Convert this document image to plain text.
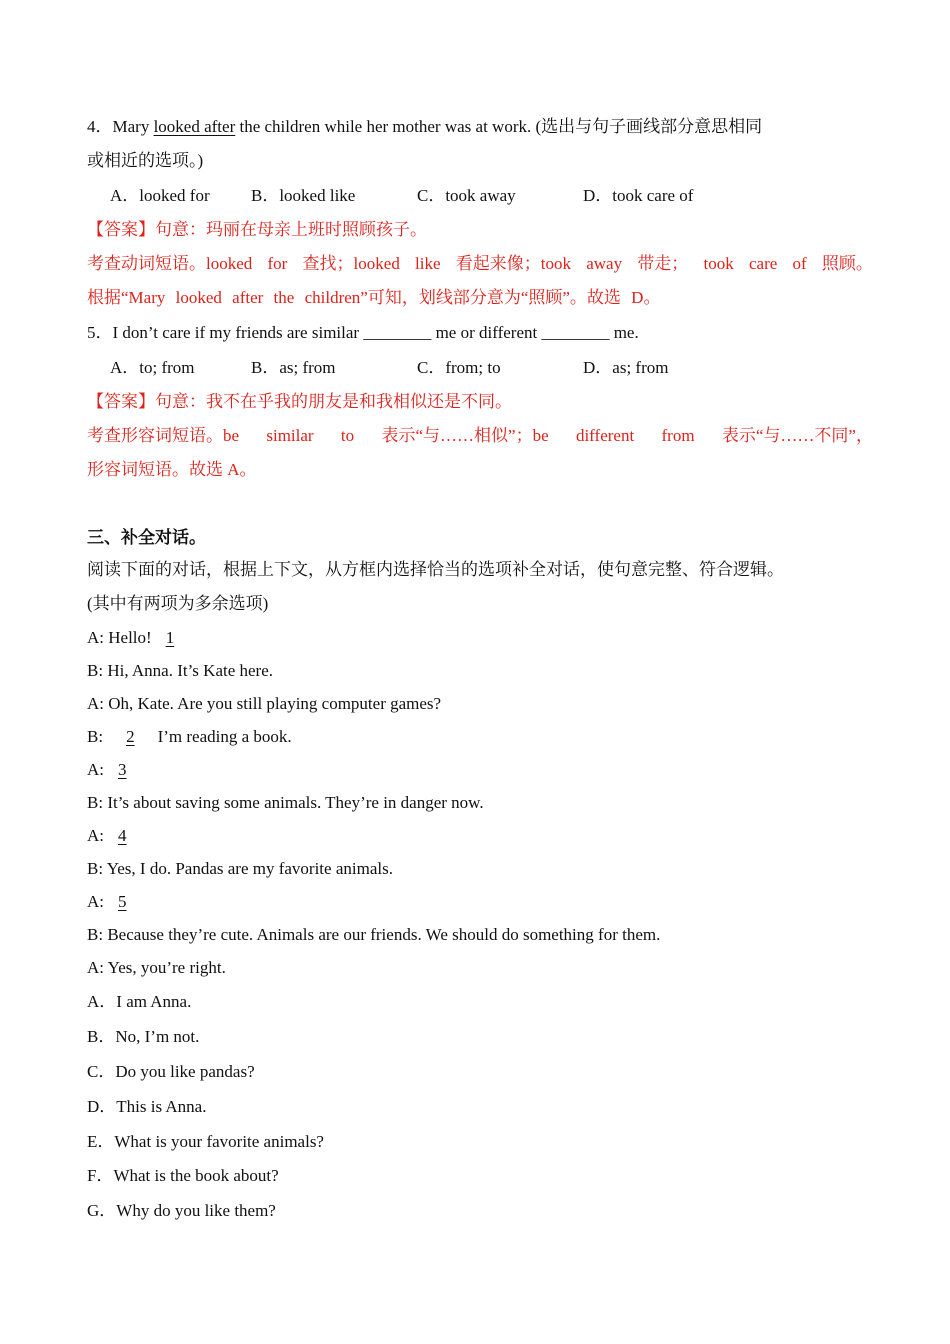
4．Mary looked after the children while her mother was at work. (选出与句子画线部分意思相同
或相近的选项。)
A．looked for B．looked like	C．took away	D．took care of
【答案】句意：玛丽在母亲上班时照顾孩子。
考查动词短语。looked for 查找；looked like 看起来像；took away 带走； took care of 照顾。
根据“Mary looked after the children”可知，划线部分意为“照顾”。故选 D。
5．I don’t care if my friends are similar ________ me or different ________ me.
A．to; from	B．as; from	C．from; to	D．as; from
【答案】句意：我不在乎我的朋友是和我相似还是不同。
考查形容词短语。be similar to 表示“与……相似”；be different from 表示“与……不同”，
形容词短语。故选 A。
三、补全对话。
阅读下面的对话，根据上下文，从方框内选择恰当的选项补全对话，使句意完整、符合逻辑。
(其中有两项为多余选项)
A: Hello! 1
B: Hi, Anna. It’s Kate here.
A: Oh, Kate. Are you still playing computer games?
B: 2 I’m reading a book.
A: 3
B: It’s about saving some animals. They’re in danger now.
A: 4
B: Yes, I do. Pandas are my favorite animals.
A: 5
B: Because they’re cute. Animals are our friends. We should do something for them.
A: Yes, you’re right.
A．I am Anna.
B．No, I’m not.
C．Do you like pandas?
D．This is Anna.
E．What is your favorite animals?
F．What is the book about?
G．Why do you like them?
